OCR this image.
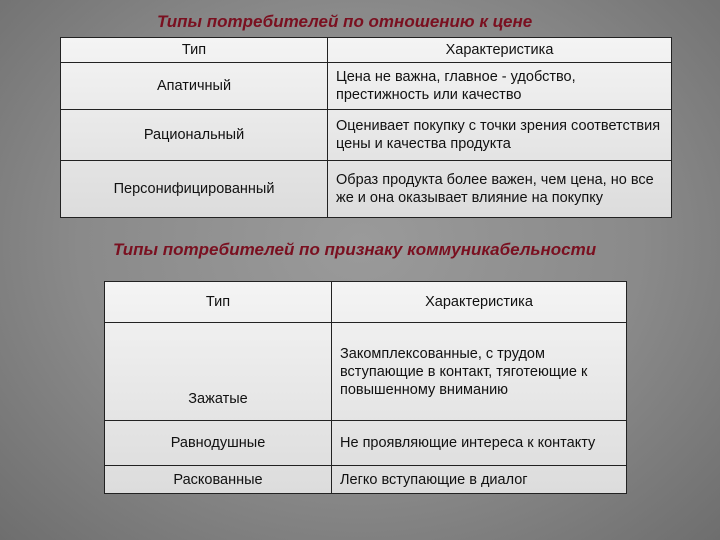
Типы потребителей по отношению к цене
Тип	Характеристика
Апатичный	Цена не важна, главное - удобство, престижность или качество
Рациональный	Оценивает покупку с точки зрения соответствия цены и качества продукта
Персонифицированный	Образ продукта более важен, чем цена, но все же и она оказывает влияние на покупку
Типы потребителей по признаку коммуникабельности
Тип	Характеристика
Зажатые	Закомплексованные, с трудом вступающие в контакт, тяготеющие к повышенному вниманию
Равнодушные	Не проявляющие интереса к контакту
Раскованные	Легко вступающие в диалог
